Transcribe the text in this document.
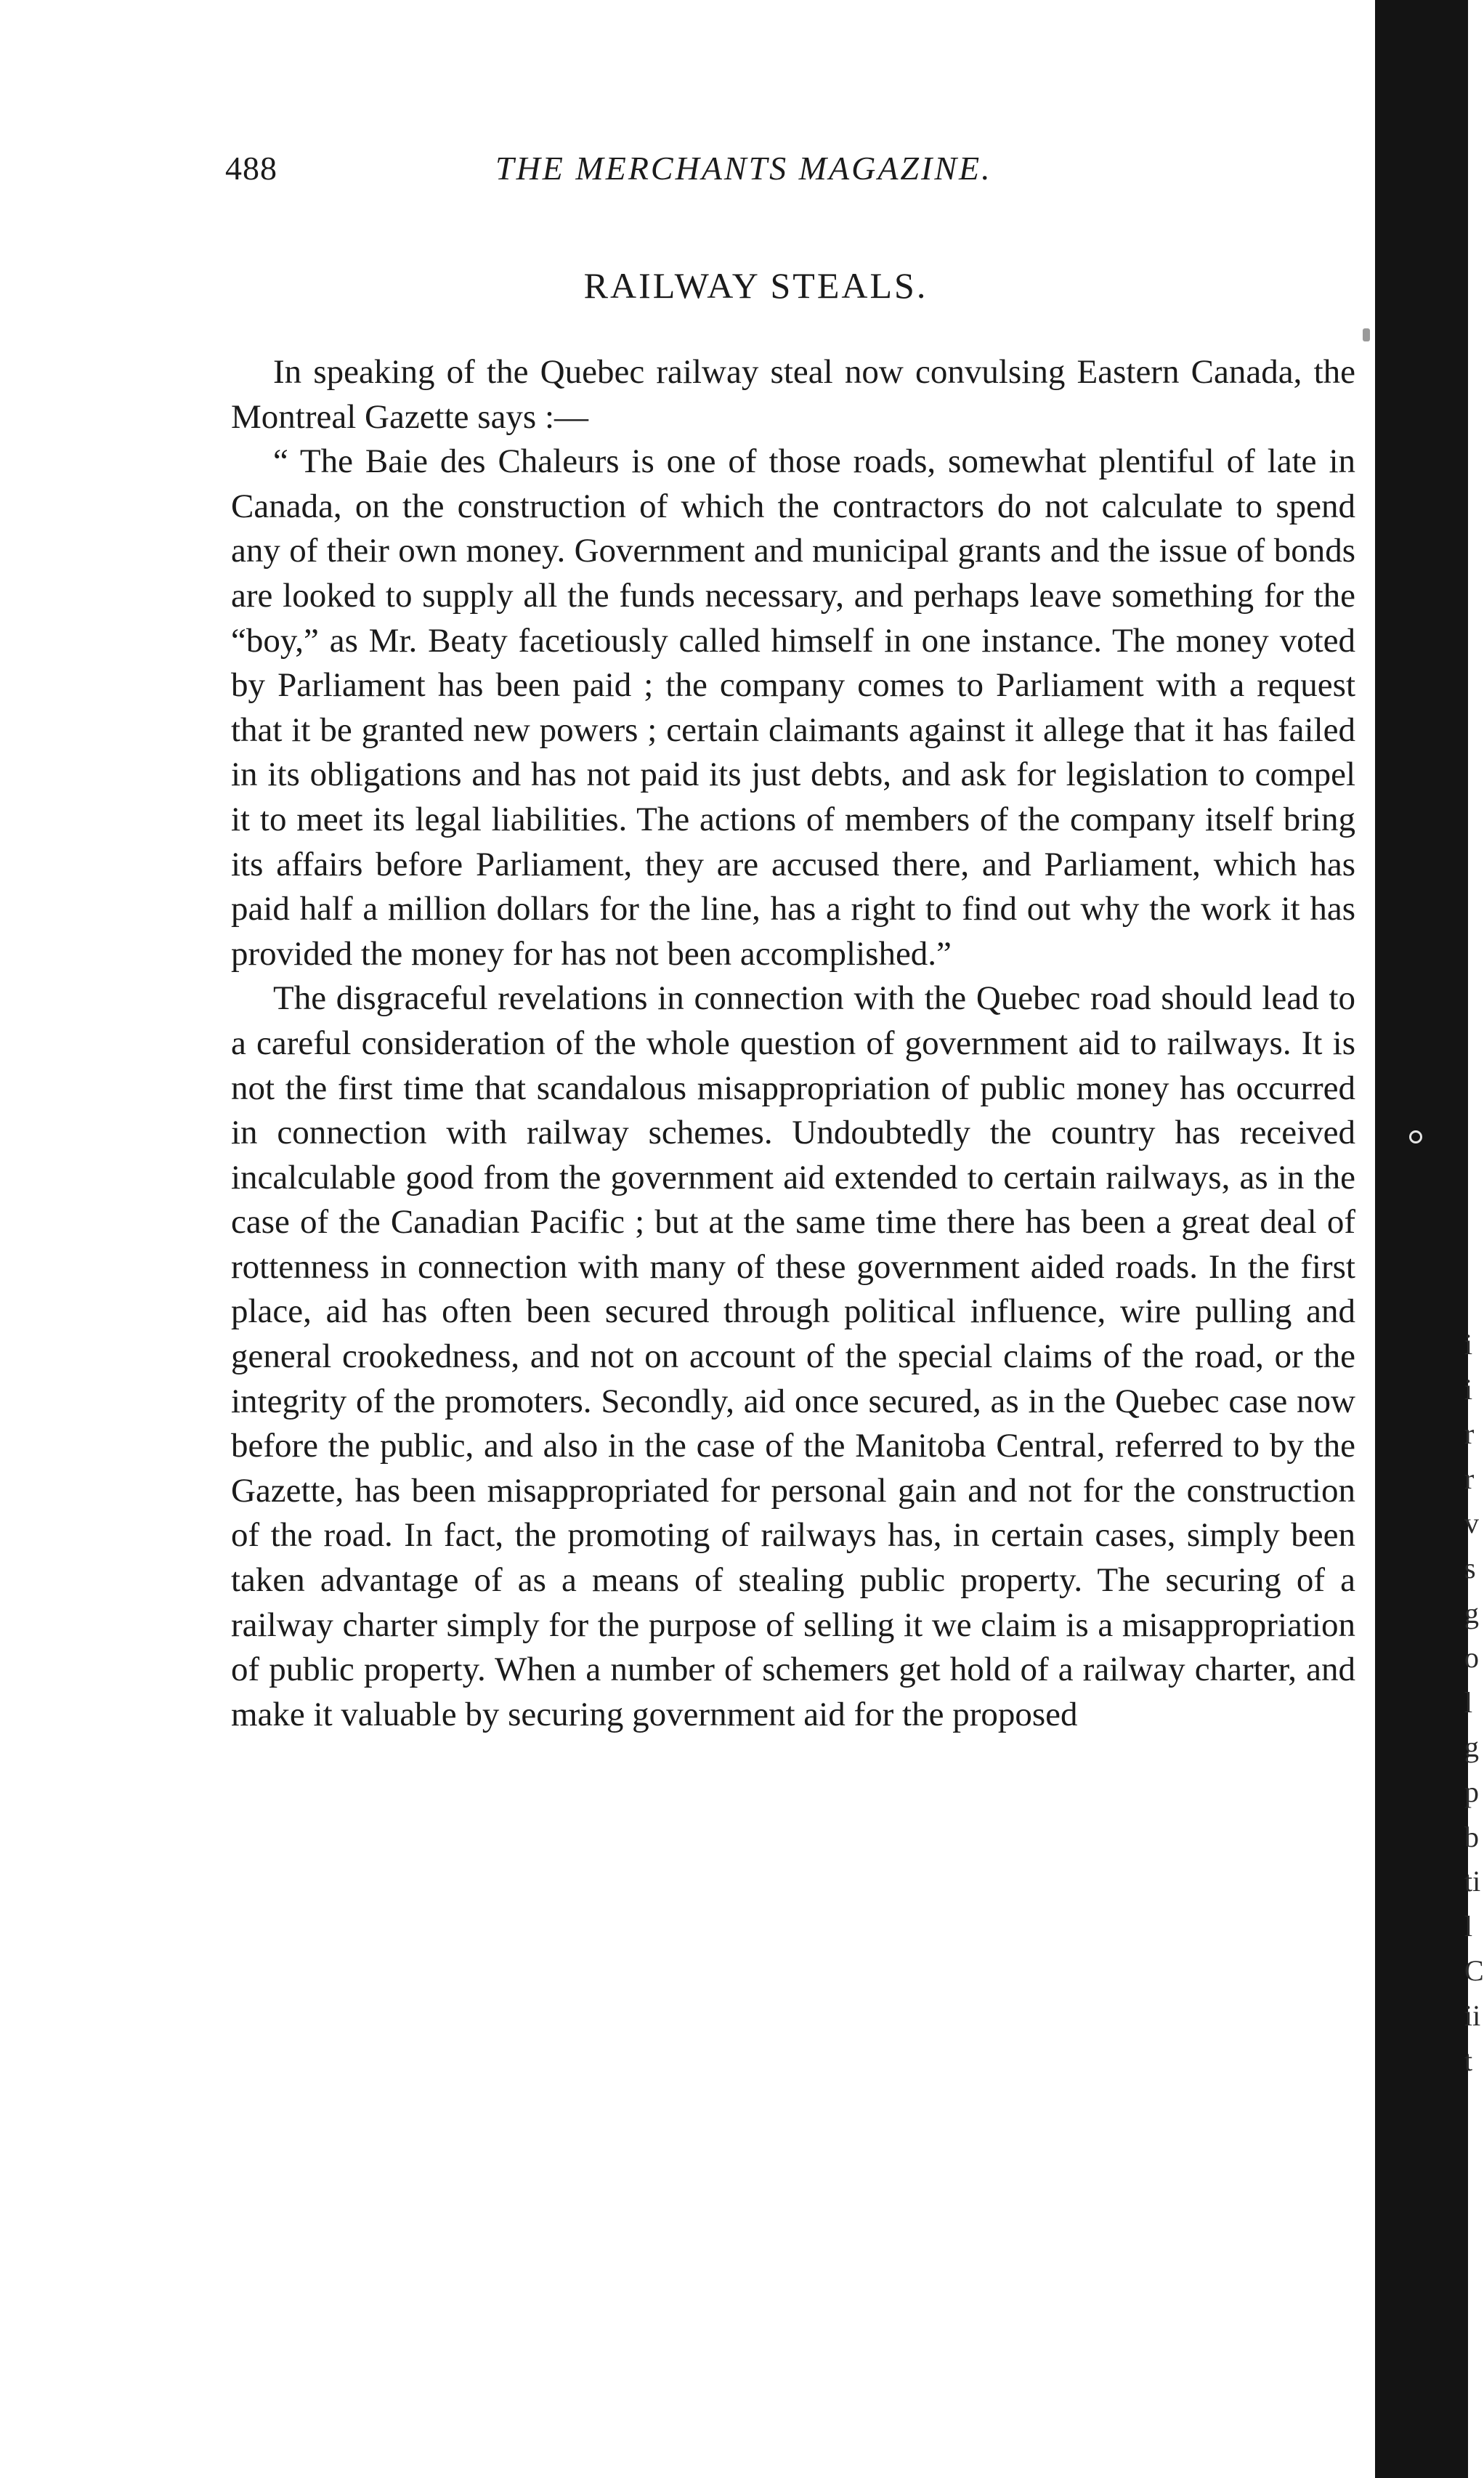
488	THE MERCHANTS MAGAZINE.
RAILWAY STEALS.

In speaking of the Quebec railway steal now convulsing Eastern Canada, the Montreal Gazette says :—

“ The Baie des Chaleurs is one of those roads, somewhat plentiful of late in Canada, on the construction of which the contractors do not calculate to spend any of their own money. Government and municipal grants and the issue of bonds are looked to supply all the funds necessary, and perhaps leave something for the “boy,” as Mr. Beaty facetiously called himself in one instance. The money voted by Parliament has been paid ; the company comes to Parliament with a request that it be granted new powers ; certain claimants against it allege that it has failed in its obligations and has not paid its just debts, and ask for legislation to compel it to meet its legal liabilities. The actions of members of the company itself bring its affairs before Parliament, they are accused there, and Parliament, which has paid half a million dollars for the line, has a right to find out why the work it has provided the money for has not been accomplished.”

The disgraceful revelations in connection with the Quebec road should lead to a careful consideration of the whole question of government aid to railways. It is not the first time that scandalous misappropriation of public money has occurred in connection with railway schemes. Undoubtedly the country has received incalculable good from the government aid extended to certain railways, as in the case of the Canadian Pacific ; but at the same time there has been a great deal of rottenness in connection with many of these government aided roads. In the first place, aid has often been secured through political influence, wire pulling and general crookedness, and not on account of the special claims of the road, or the integrity of the promoters. Secondly, aid once secured, as in the Quebec case now before the public, and also in the case of the Manitoba Central, referred to by the Gazette, has been misappropriated for personal gain and not for the construction of the road. In fact, the promoting of railways has, in certain cases, simply been taken advantage of as a means of stealing public property. The securing of a railway charter simply for the purpose of selling it we claim is a misappropriation of public property. When a number of schemers get hold of a railway charter, and make it valuable by securing government aid for the proposed

i
i
r
r
v
s
g
o
l
g
p
b
ti
l
C
ii
t
